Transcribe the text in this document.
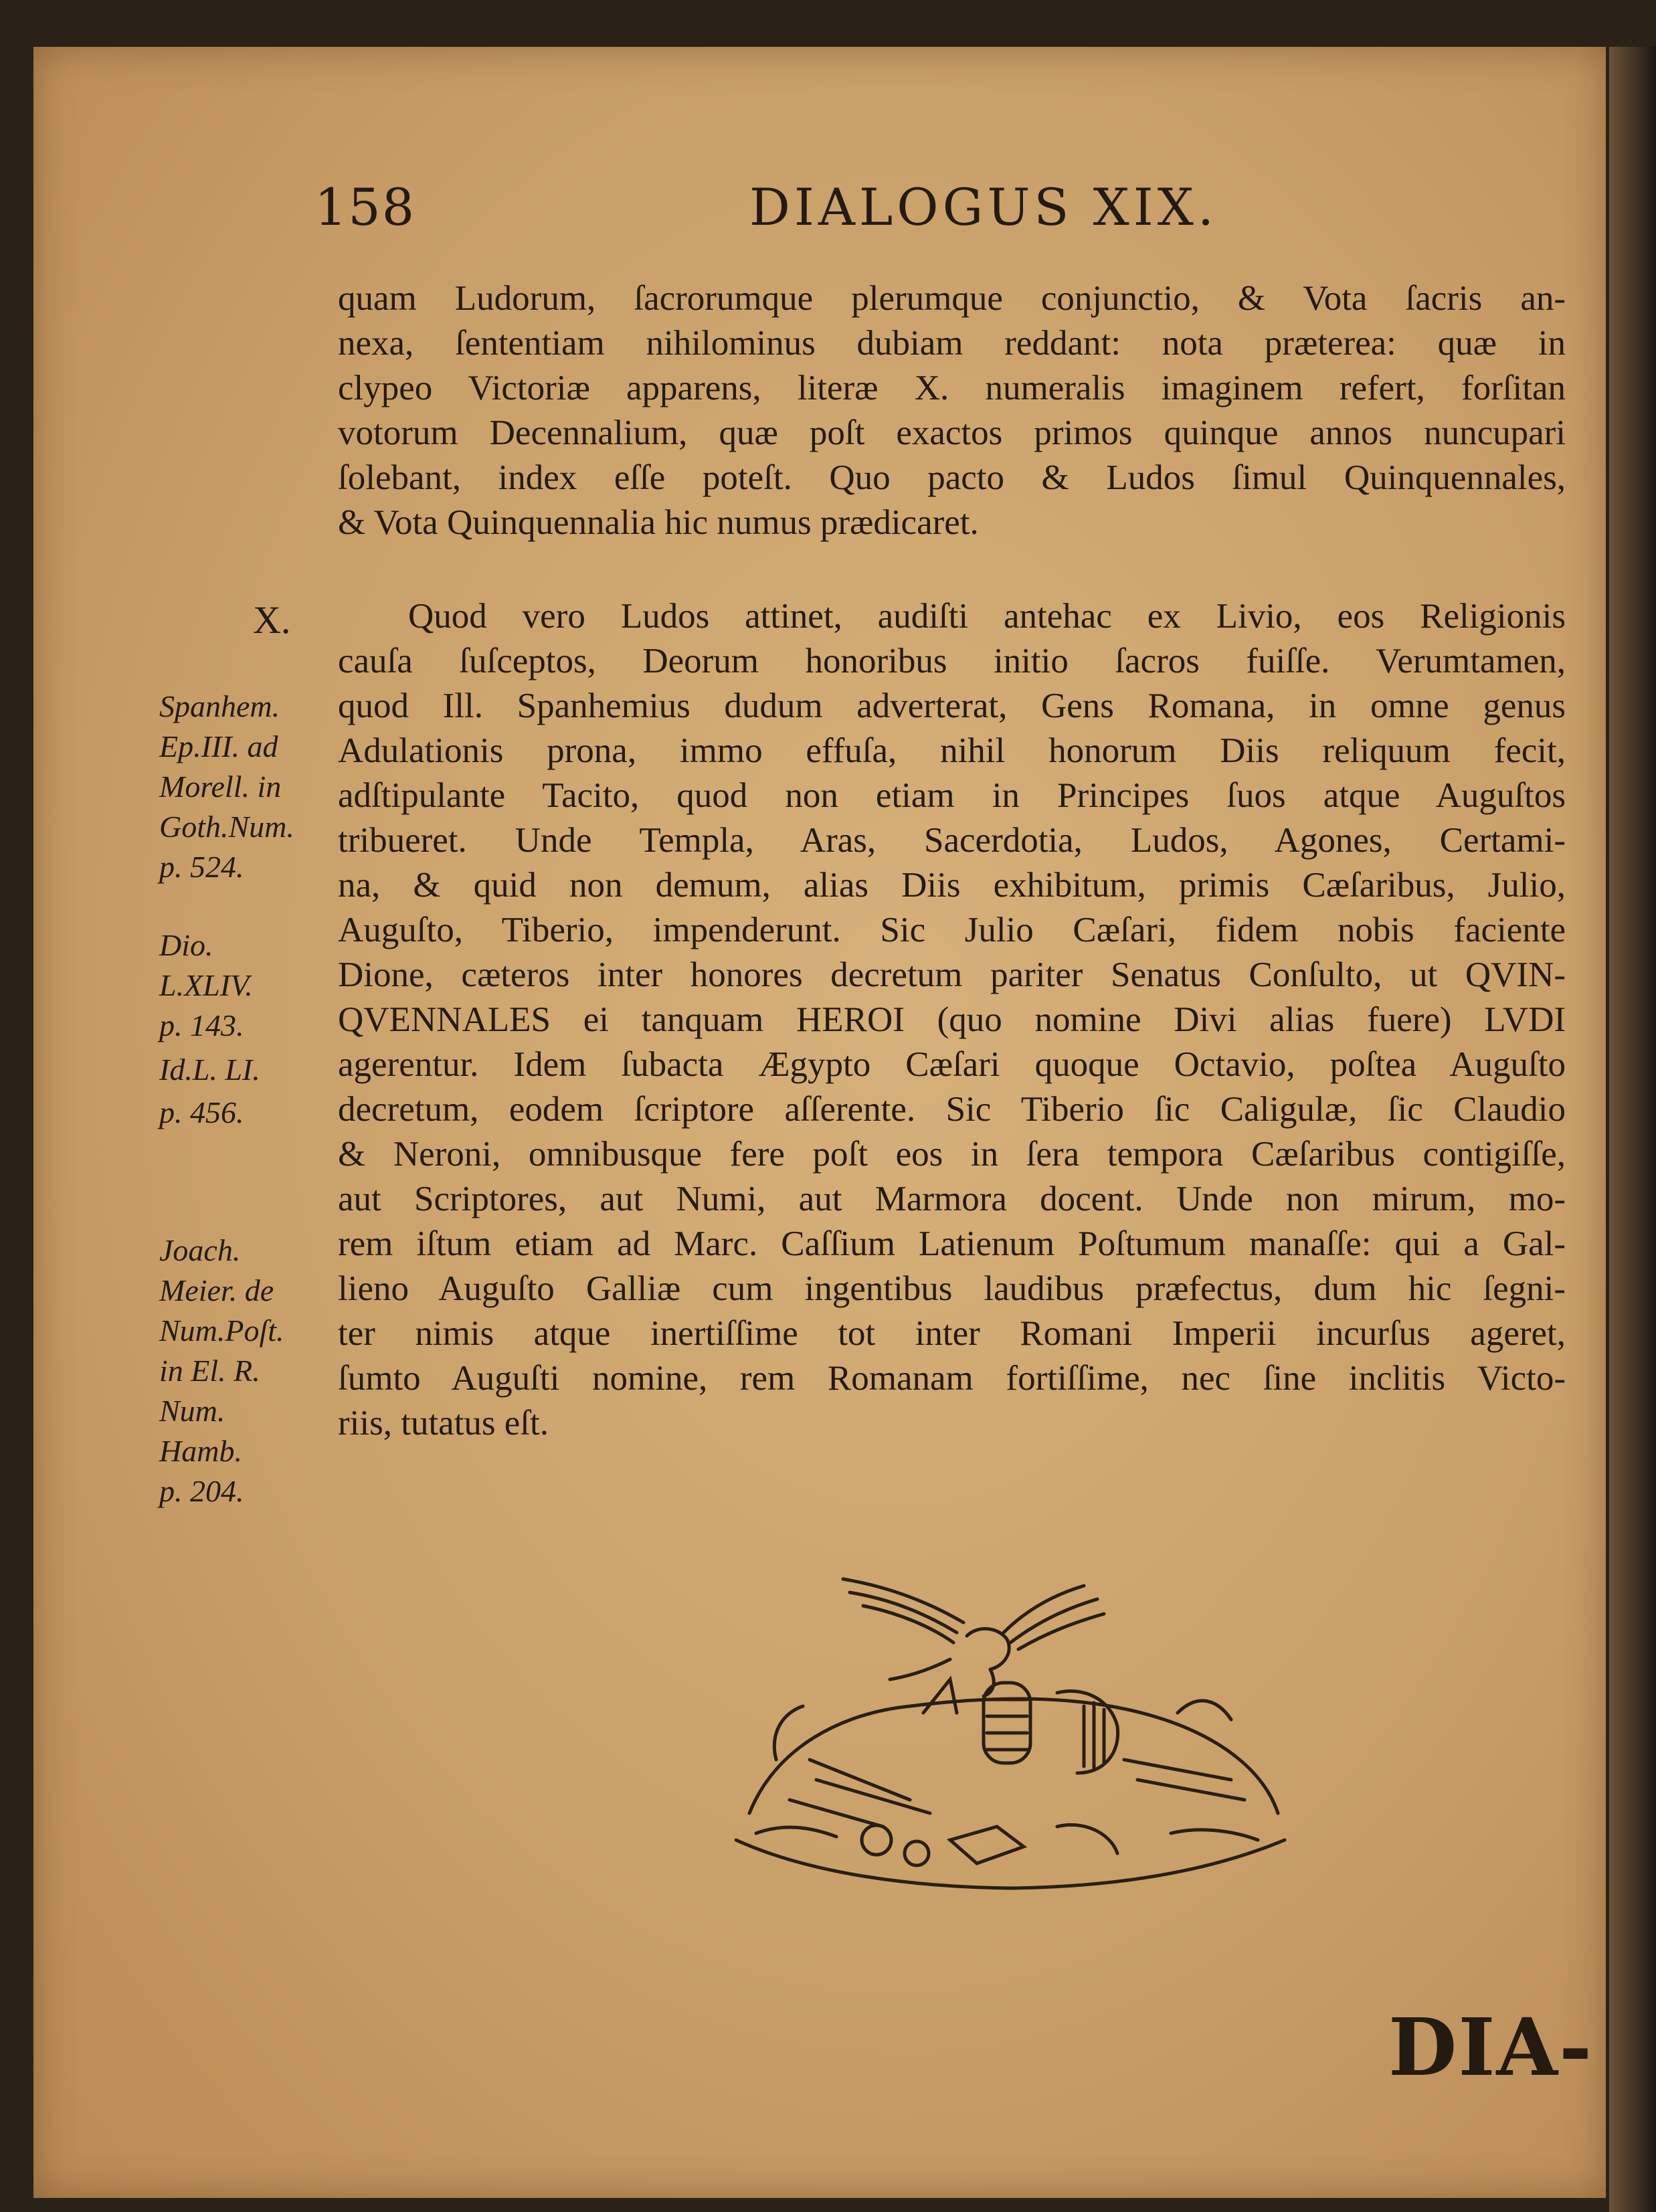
158	DIALOGUS XIX.
quam Ludorum, ſacrorumque plerumque conjunctio, & Vota ſacris an-
nexa, ſententiam nihilominus dubiam reddant: nota præterea: quæ in
clypeo Victoriæ apparens, literæ X. numeralis imaginem refert, forſitan
votorum Decennalium, quæ poſt exactos primos quinque annos nuncupari
ſolebant, index eſſe poteſt. Quo pacto & Ludos ſimul Quinquennales,
& Vota Quinquennalia hic numus prædicaret.
X.	Quod vero Ludos attinet, audiſti antehac ex Livio, eos Religionis
cauſa ſuſceptos, Deorum honoribus initio ſacros fuiſſe. Verumtamen,
quod Ill. Spanhemius dudum adverterat, Gens Romana, in omne genus
Adulationis prona, immo effuſa, nihil honorum Diis reliquum fecit,
adſtipulante Tacito, quod non etiam in Principes ſuos atque Auguſtos
tribueret. Unde Templa, Aras, Sacerdotia, Ludos, Agones, Certami-
na, & quid non demum, alias Diis exhibitum, primis Cæſaribus, Julio,
Auguſto, Tiberio, impenderunt. Sic Julio Cæſari, fidem nobis faciente
Dione, cæteros inter honores decretum pariter Senatus Conſulto, ut QVIN-
QVENNALES ei tanquam HEROI (quo nomine Divi alias fuere) LVDI
agerentur. Idem ſubacta Ægypto Cæſari quoque Octavio, poſtea Auguſto
decretum, eodem ſcriptore aſſerente. Sic Tiberio ſic Caligulæ, ſic Claudio
& Neroni, omnibusque fere poſt eos in ſera tempora Cæſaribus contigiſſe,
aut Scriptores, aut Numi, aut Marmora docent. Unde non mirum, mo-
rem iſtum etiam ad Marc. Caſſium Latienum Poſtumum manaſſe: qui a Gal-
lieno Auguſto Galliæ cum ingentibus laudibus præfectus, dum hic ſegni-
ter nimis atque inertiſſime tot inter Romani Imperii incurſus ageret,
ſumto Auguſti nomine, rem Romanam fortiſſime, nec ſine inclitis Victo-
riis, tutatus eſt.
Spanhem.
Ep.III. ad
Morell. in
Goth.Num.
p. 524.
Dio.
L.XLIV.
p. 143.
Id.L. LI.
p. 456.
Joach.
Meier. de
Num.Poſt.
in El. R.
Num.
Hamb.
p. 204.
DIA-
